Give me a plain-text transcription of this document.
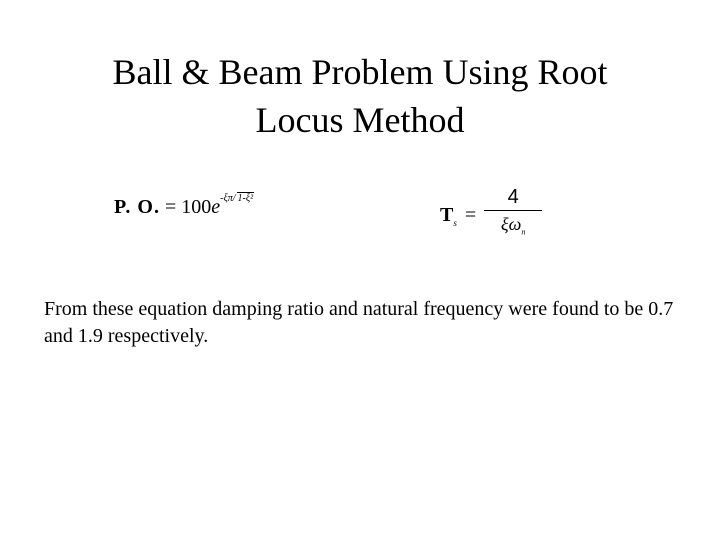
Ball & Beam Problem Using Root
Locus Method
P. O. = $100e^{-\xi\pi/ 1-\xi^2}$
$T_s = \frac{4}{\xi\omega_n}$
From these equation damping ratio and natural frequency were found to be 0.7 and 1.9 respectively.
